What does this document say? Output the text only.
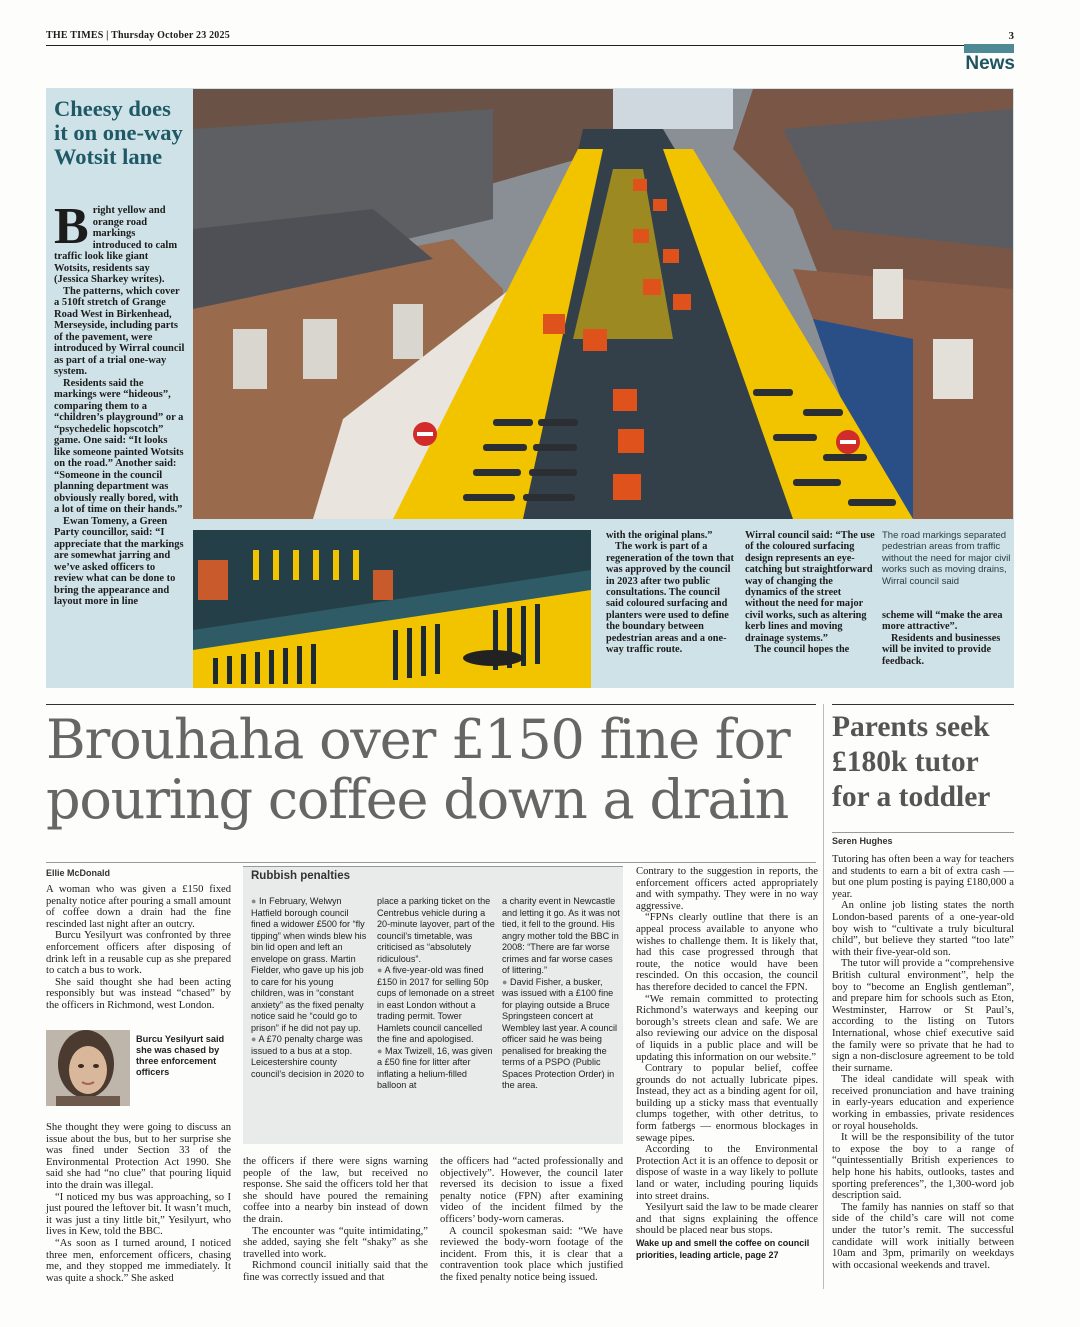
THE TIMES | Thursday October 23 2025	3
News
Cheesy does it on one-way Wotsit lane

Bright yellow and orange road markings introduced to calm traffic look like giant Wotsits, residents say (Jessica Sharkey writes).

The patterns, which cover a 510ft stretch of Grange Road West in Birkenhead, Merseyside, including parts of the pavement, were introduced by Wirral council as part of a trial one-way system.

Residents said the markings were “hideous”, comparing them to a “children’s playground” or a “psychedelic hopscotch” game. One said: “It looks like someone painted Wotsits on the road.” Another said: “Someone in the council planning department was obviously really bored, with a lot of time on their hands.”

Ewan Tomeny, a Green Party councillor, said: “I appreciate that the markings are somewhat jarring and we’ve asked officers to review what can be done to bring the appearance and layout more in line

with the original plans.”

The work is part of a regeneration of the town that was approved by the council in 2023 after two public consultations. The council said coloured surfacing and planters were used to define the boundary between pedestrian areas and a one-way traffic route.

Wirral council said: “The use of the coloured surfacing design represents an eye-catching but straightforward way of changing the dynamics of the street without the need for major civil works, such as altering kerb lines and moving drainage systems.”

The council hopes the

The road markings separated pedestrian areas from traffic without the need for major civil works such as moving drains, Wirral council said

scheme will “make the area more attractive”.

Residents and businesses will be invited to provide feedback.

Brouhaha over £150 fine for pouring coffee down a drain
Ellie McDonald

A woman who was given a £150 fixed penalty notice after pouring a small amount of coffee down a drain had the fine rescinded last night after an outcry.

Burcu Yesilyurt was confronted by three enforcement officers after disposing of drink left in a reusable cup as she prepared to catch a bus to work.

She said thought she had been acting responsibly but was instead “chased” by the officers in Richmond, west London.

Burcu Yesilyurt said she was chased by three enforcement officers

She thought they were going to discuss an issue about the bus, but to her surprise she was fined under Section 33 of the Environmental Protection Act 1990. She said she had “no clue” that pouring liquid into the drain was illegal.

“I noticed my bus was approaching, so I just poured the leftover bit. It wasn’t much, it was just a tiny little bit,” Yesilyurt, who lives in Kew, told the BBC.

“As soon as I turned around, I noticed three men, enforcement officers, chasing me, and they stopped me immediately. It was quite a shock.” She asked

Rubbish penalties

● In February, Welwyn Hatfield borough council fined a widower £500 for “fly tipping” when winds blew his bin lid open and left an envelope on grass. Martin Fielder, who gave up his job to care for his young children, was in “constant anxiety” as the fixed penalty notice said he “could go to prison” if he did not pay up.

● A £70 penalty charge was issued to a bus at a stop. Leicestershire county council’s decision in 2020 to

place a parking ticket on the Centrebus vehicle during a 20-minute layover, part of the council’s timetable, was criticised as “absolutely ridiculous”.

● A five-year-old was fined £150 in 2017 for selling 50p cups of lemonade on a street in east London without a trading permit. Tower Hamlets council cancelled the fine and apologised.

● Max Twizell, 16, was given a £50 fine for litter after inflating a helium-filled balloon at

a charity event in Newcastle and letting it go. As it was not tied, it fell to the ground. His angry mother told the BBC in 2008: “There are far worse crimes and far worse cases of littering.”

● David Fisher, a busker, was issued with a £100 fine for playing outside a Bruce Springsteen concert at Wembley last year. A council officer said he was being penalised for breaking the terms of a PSPO (Public Spaces Protection Order) in the area.

the officers if there were signs warning people of the law, but received no response. She said the officers told her that she should have poured the remaining coffee into a nearby bin instead of down the drain.

The encounter was “quite intimidating,” she added, saying she felt “shaky” as she travelled into work.

Richmond council initially said that the fine was correctly issued and that

the officers had “acted professionally and objectively”. However, the council later reversed its decision to issue a fixed penalty notice (FPN) after examining video of the incident filmed by the officers’ body-worn cameras.

A council spokesman said: “We have reviewed the body-worn footage of the incident. From this, it is clear that a contravention took place which justified the fixed penalty notice being issued.

Contrary to the suggestion in reports, the enforcement officers acted appropriately and with sympathy. They were in no way aggressive.

“FPNs clearly outline that there is an appeal process available to anyone who wishes to challenge them. It is likely that, had this case progressed through that route, the notice would have been rescinded. On this occasion, the council has therefore decided to cancel the FPN.

“We remain committed to protecting Richmond’s waterways and keeping our borough’s streets clean and safe. We are also reviewing our advice on the disposal of liquids in a public place and will be updating this information on our website.”

Contrary to popular belief, coffee grounds do not actually lubricate pipes. Instead, they act as a binding agent for oil, building up a sticky mass that eventually clumps together, with other detritus, to form fatbergs — enormous blockages in sewage pipes.

According to the Environmental Protection Act it is an offence to deposit or dispose of waste in a way likely to pollute land or water, including pouring liquids into street drains.

Yesilyurt said the law to be made clearer and that signs explaining the offence should be placed near bus stops.

Wake up and smell the coffee on council priorities, leading article, page 27
Parents seek £180k tutor for a toddler
Seren Hughes

Tutoring has often been a way for teachers and students to earn a bit of extra cash — but one plum posting is paying £180,000 a year.

An online job listing states the north London-based parents of a one-year-old boy wish to “cultivate a truly bicultural child”, but believe they started “too late” with their five-year-old son.

The tutor will provide a “comprehensive British cultural environment”, help the boy to “become an English gentleman”, and prepare him for schools such as Eton, Westminster, Harrow or St Paul’s, according to the listing on Tutors International, whose chief executive said the family were so private that he had to sign a non-disclosure agreement to be told their surname.

The ideal candidate will speak with received pronunciation and have training in early-years education and experience working in embassies, private residences or royal households.

It will be the responsibility of the tutor to expose the boy to a range of “quintessentially British experiences to help hone his habits, outlooks, tastes and sporting preferences”, the 1,300-word job description said.

The family has nannies on staff so that side of the child’s care will not come under the tutor’s remit. The successful candidate will work initially between 10am and 3pm, primarily on weekdays with occasional weekends and travel.
